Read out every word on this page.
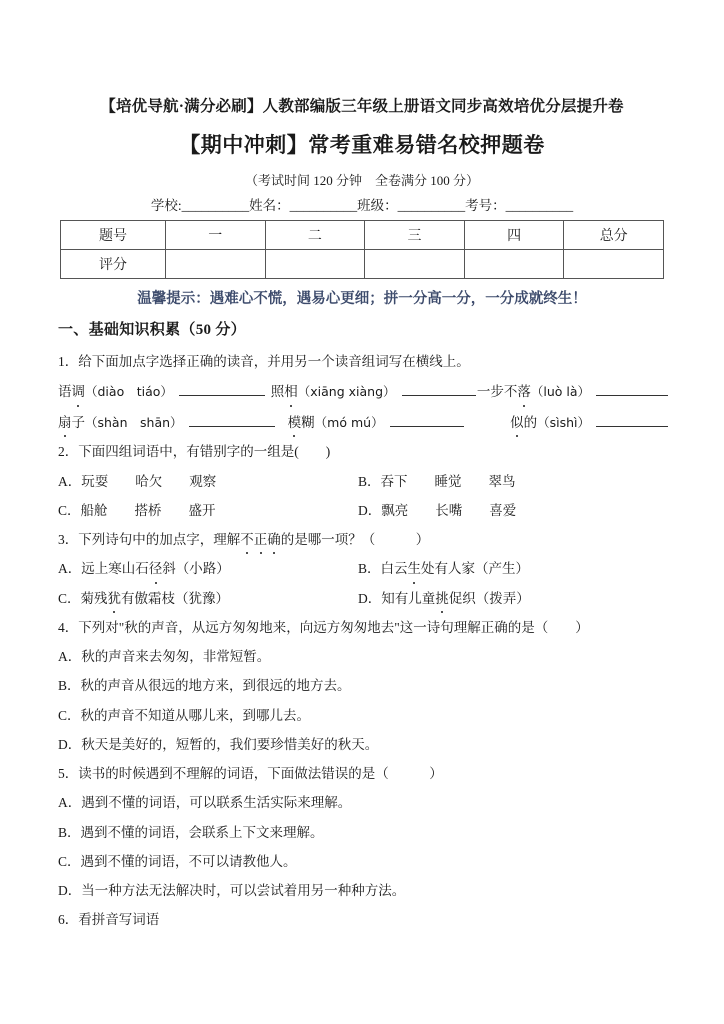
【培优导航·满分必刷】人教部编版三年级上册语文同步高效培优分层提升卷
【期中冲刺】常考重难易错名校押题卷
（考试时间 120 分钟　全卷满分 100 分）
学校:__________姓名：__________班级：__________考号：__________
题号	一	二	三	四	总分
评分					
温馨提示：遇难心不慌，遇易心更细；拼一分高一分，一分成就终生！
一、基础知识积累（50 分）
1．给下面加点字选择正确的读音，并用另一个读音组词写在横线上。
语 调 （diào　tiáo）	照 相 （xiāng xiàng）	一步不 落 （luò là）
扇 子 （shàn　shān）	模 糊 （mó mú）	似 的 （sìshì）
2．下面四组词语中，有错别字的一组是(　　)
A．玩耍　　哈欠　　观察	B．吞下　　睡觉　　翠鸟
C．船舱　　搭桥　　盛开	D．飘亮　　长嘴　　喜爱
3．下列诗句中的加点字，理解不正确的是哪一项？（　　　）
A．远上寒山石径斜（小路）	B．白云生处有人家（产生）
C．菊残犹有傲霜枝（犹豫）	D．知有儿童挑促织（拨弄）
4．下列对"秋的声音，从远方匆匆地来，向远方匆匆地去"这一诗句理解正确的是（　　）
A．秋的声音来去匆匆，非常短暂。
B．秋的声音从很远的地方来，到很远的地方去。
C．秋的声音不知道从哪儿来，到哪儿去。
D．秋天是美好的，短暂的，我们要珍惜美好的秋天。
5．读书的时候遇到不理解的词语，下面做法错误的是（　　　）
A．遇到不懂的词语，可以联系生活实际来理解。
B．遇到不懂的词语，会联系上下文来理解。
C．遇到不懂的词语，不可以请教他人。
D．当一种方法无法解决时，可以尝试着用另一种种方法。
6．看拼音写词语
